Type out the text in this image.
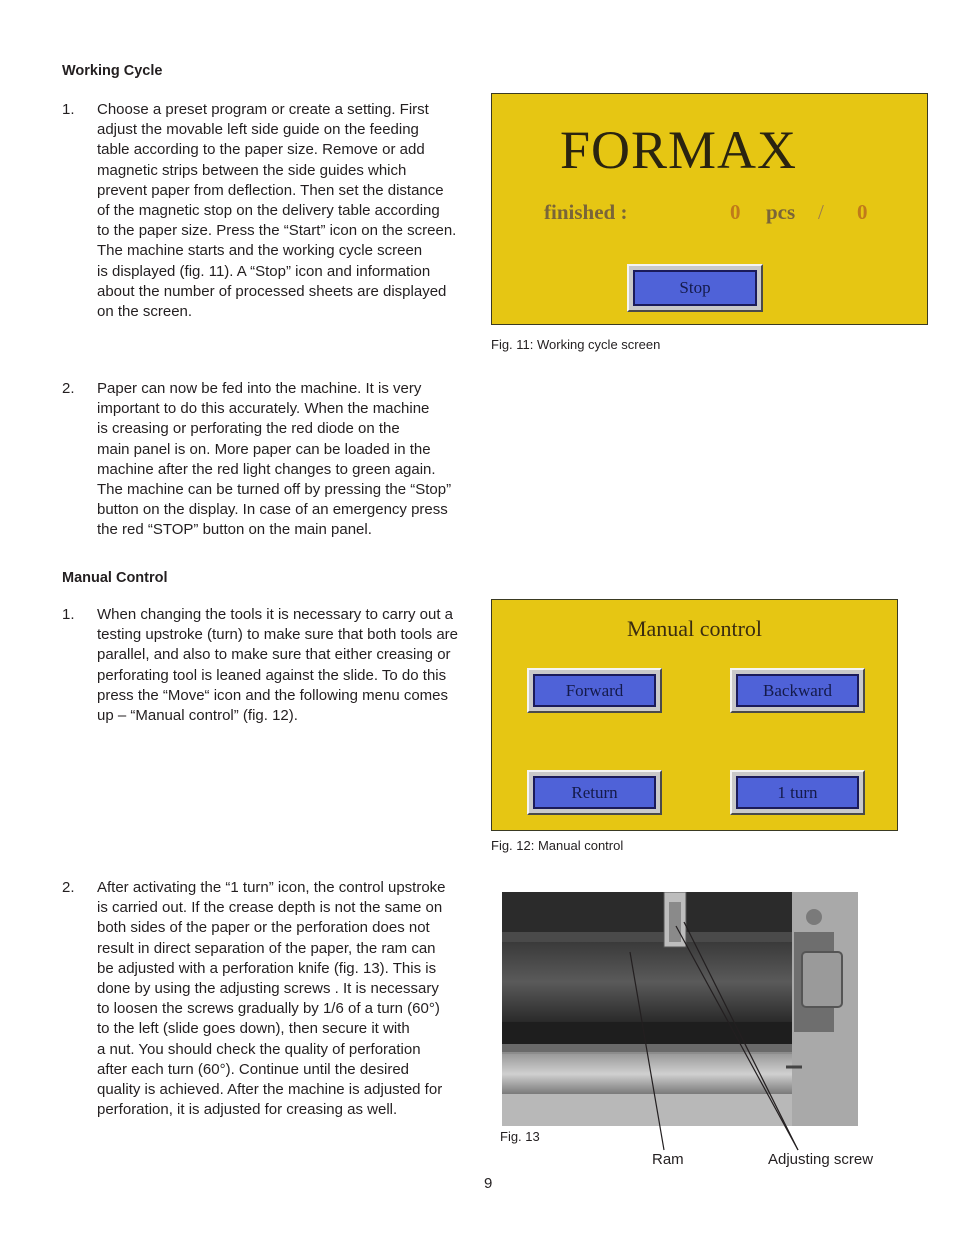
Working Cycle
1. Choose a preset program or create a setting. First
adjust the movable left side guide on the feeding
table according to the paper size. Remove or add
magnetic strips between the side guides which
prevent paper from deflection. Then set the distance
of the magnetic stop on the delivery table according
to the paper size. Press the “Start” icon on the screen.
The machine starts and the working cycle screen
is displayed (fig. 11). A “Stop” icon and information
about the number of processed sheets are displayed
on the screen.
2. Paper can now be fed into the machine. It is very
important to do this accurately. When the machine
is creasing or perforating the red diode on the
main panel is on. More paper can be loaded in the
machine after the red light changes to green again.
The machine can be turned off by pressing the “Stop”
button on the display. In case of an emergency press
the red “STOP” button on the main panel.
FORMAX
finished :	0 pcs / 0
Stop
Fig. 11: Working cycle screen
Manual Control
1. When changing the tools it is necessary to carry out a
testing upstroke (turn) to make sure that both tools are
parallel, and also to make sure that either creasing or
perforating tool is leaned against the slide. To do this
press the “Move“ icon and the following menu comes
up – “Manual control” (fig. 12).
Manual control
Forward	Backward
Return	1 turn
Fig. 12: Manual control
2. After activating the “1 turn” icon, the control upstroke
is carried out. If the crease depth is not the same on
both sides of the paper or the perforation does not
result in direct separation of the paper, the ram can
be adjusted with a perforation knife (fig. 13). This is
done by using the adjusting screws . It is necessary
to loosen the screws gradually by 1/6 of a turn (60°)
to the left (slide goes down), then secure it with
a nut. You should check the quality of perforation
after each turn (60°). Continue until the desired
quality is achieved. After the machine is adjusted for
perforation, it is adjusted for creasing as well.
Fig. 13
Ram	Adjusting screw
9
